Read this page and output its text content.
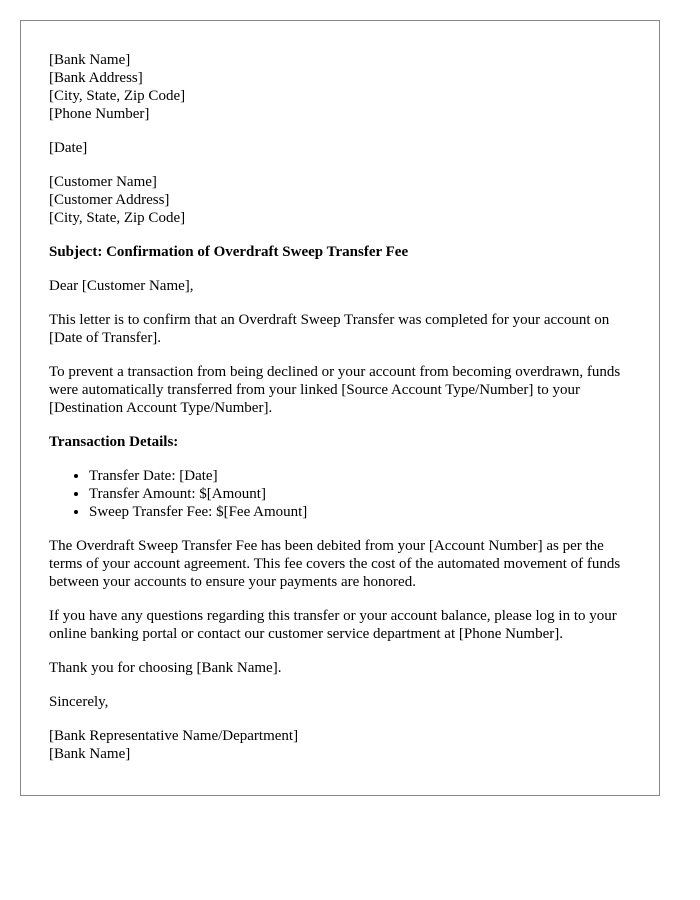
[Bank Name]
[Bank Address]
[City, State, Zip Code]
[Phone Number]

[Date]

[Customer Name]
[Customer Address]
[City, State, Zip Code]

Subject: Confirmation of Overdraft Sweep Transfer Fee

Dear [Customer Name],

This letter is to confirm that an Overdraft Sweep Transfer was completed for your account on [Date of Transfer].

To prevent a transaction from being declined or your account from becoming overdrawn, funds were automatically transferred from your linked [Source Account Type/Number] to your [Destination Account Type/Number].

Transaction Details:

• Transfer Date: [Date]
• Transfer Amount: $[Amount]
• Sweep Transfer Fee: $[Fee Amount]

The Overdraft Sweep Transfer Fee has been debited from your [Account Number] as per the terms of your account agreement. This fee covers the cost of the automated movement of funds between your accounts to ensure your payments are honored.

If you have any questions regarding this transfer or your account balance, please log in to your online banking portal or contact our customer service department at [Phone Number].

Thank you for choosing [Bank Name].

Sincerely,

[Bank Representative Name/Department]
[Bank Name]
